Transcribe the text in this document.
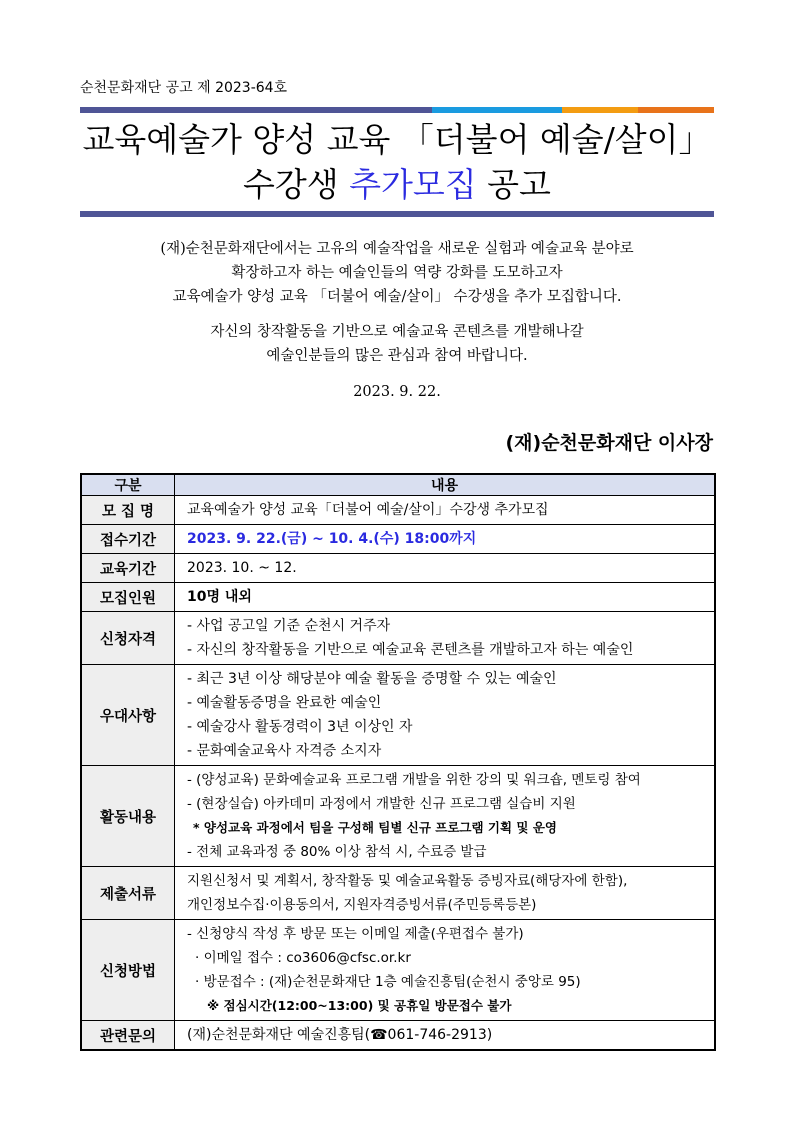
순천문화재단 공고 제 2023-64호
교육예술가 양성 교육 「더불어 예술/살이」
수강생 추가모집 공고
(재)순천문화재단에서는 고유의 예술작업을 새로운 실험과 예술교육 분야로
확장하고자 하는 예술인들의 역량 강화를 도모하고자
교육예술가 양성 교육 「더불어 예술/살이」 수강생을 추가 모집합니다.
자신의 창작활동을 기반으로 예술교육 콘텐츠를 개발해나갈
예술인분들의 많은 관심과 참여 바랍니다.
2023. 9. 22.
(재)순천문화재단 이사장
구분	내용
모 집 명	교육예술가 양성 교육「더불어 예술/살이」수강생 추가모집
접수기간	2023. 9. 22.(금) ~ 10. 4.(수) 18:00까지
교육기간	2023. 10. ~ 12.
모집인원	10명 내외
신청자격	- 사업 공고일 기준 순천시 거주자
- 자신의 창작활동을 기반으로 예술교육 콘텐츠를 개발하고자 하는 예술인

우대사항	- 최근 3년 이상 해당분야 예술 활동을 증명할 수 있는 예술인
- 예술활동증명을 완료한 예술인
- 예술강사 활동경력이 3년 이상인 자
- 문화예술교육사 자격증 소지자

활동내용	- (양성교육) 문화예술교육 프로그램 개발을 위한 강의 및 워크숍, 멘토링 참여
- (현장실습) 아카데미 과정에서 개발한 신규 프로그램 실습비 지원
* 양성교육 과정에서 팀을 구성해 팀별 신규 프로그램 기획 및 운영
- 전체 교육과정 중 80% 이상 참석 시, 수료증 발급

제출서류	지원신청서 및 계획서, 창작활동 및 예술교육활동 증빙자료(해당자에 한함),
개인정보수집·이용동의서, 지원자격증빙서류(주민등록등본)

신청방법	- 신청양식 작성 후 방문 또는 이메일 제출(우편접수 불가)
· 이메일 접수 : co3606@cfsc.or.kr
· 방문접수 : (재)순천문화재단 1층 예술진흥팀(순천시 중앙로 95)
※ 점심시간(12:00~13:00) 및 공휴일 방문접수 불가

관련문의	(재)순천문화재단 예술진흥팀(☎061-746-2913)
